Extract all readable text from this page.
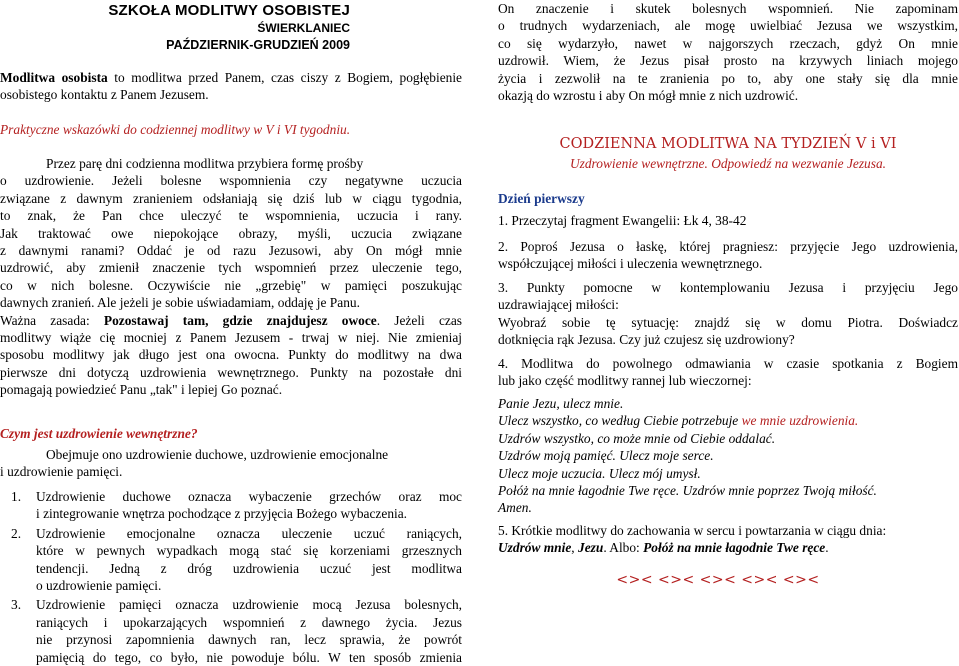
SZKOŁA MODLITWY OSOBISTEJ
ŚWIERKLANIEC
PAŹDZIERNIK-GRUDZIEŃ 2009

Modlitwa osobista to modlitwa przed Panem, czas ciszy z Bogiem, pogłębienie osobistego kontaktu z Panem Jezusem.

Praktyczne wskazówki do codziennej modlitwy w V i VI tygodniu.

Przez parę dni codzienna modlitwa przybiera formę prośby
o uzdrowienie. Jeżeli bolesne wspomnienia czy negatywne uczucia
związane z dawnym zranieniem odsłaniają się dziś lub w ciągu tygodnia,
to znak, że Pan chce uleczyć te wspomnienia, uczucia i rany.
Jak traktować owe niepokojące obrazy, myśli, uczucia związane
z dawnymi ranami? Oddać je od razu Jezusowi, aby On mógł mnie
uzdrowić, aby zmienił znaczenie tych wspomnień przez uleczenie tego,
co w nich bolesne. Oczywiście nie „grzebię" w pamięci poszukując
dawnych zranień. Ale jeżeli je sobie uświadamiam, oddaję je Panu.
Ważna zasada: Pozostawaj tam, gdzie znajdujesz owoce. Jeżeli czas
modlitwy wiąże cię mocniej z Panem Jezusem - trwaj w niej. Nie zmieniaj
sposobu modlitwy jak długo jest ona owocna. Punkty do modlitwy na dwa
pierwsze dni dotyczą uzdrowienia wewnętrznego. Punkty na pozostałe dni
pomagają powiedzieć Panu „tak" i lepiej Go poznać.

Czym jest uzdrowienie wewnętrzne?

Obejmuje ono uzdrowienie duchowe, uzdrowienie emocjonalne
i uzdrowienie pamięci.
1. Uzdrowienie duchowe oznacza wybaczenie grzechów oraz moc
i zintegrowanie wnętrza pochodzące z przyjęcia Bożego wybaczenia.
2. Uzdrowienie emocjonalne oznacza uleczenie uczuć raniących,
które w pewnych wypadkach mogą stać się korzeniami grzesznych
tendencji. Jedną z dróg uzdrowienia uczuć jest modlitwa
o uzdrowienie pamięci.
3. Uzdrowienie pamięci oznacza uzdrowienie mocą Jezusa bolesnych,
raniących i upokarzających wspomnień z dawnego życia. Jezus
nie przynosi zapomnienia dawnych ran, lecz sprawia, że powrót
pamięcią do tego, co było, nie powoduje bólu. W ten sposób zmienia
On znaczenie i skutek bolesnych wspomnień. Nie zapominam
o trudnych wydarzeniach, ale mogę uwielbiać Jezusa we wszystkim,
co się wydarzyło, nawet w najgorszych rzeczach, gdyż On mnie
uzdrowił. Wiem, że Jezus pisał prosto na krzywych liniach mojego
życia i zezwolił na te zranienia po to, aby one stały się dla mnie
okazją do wzrostu i aby On mógł mnie z nich uzdrowić.
CODZIENNA MODLITWA NA TYDZIEŃ V i VI
Uzdrowienie wewnętrzne. Odpowiedź na wezwanie Jezusa.
Dzień pierwszy
1. Przeczytaj fragment Ewangelii: Łk 4, 38-42
2. Poproś Jezusa o łaskę, której pragniesz: przyjęcie Jego uzdrowienia,
współczującej miłości i uleczenia wewnętrznego.
3. Punkty pomocne w kontemplowaniu Jezusa i przyjęciu Jego
uzdrawiającej miłości:
Wyobraź sobie tę sytuację: znajdź się w domu Piotra. Doświadcz
dotknięcia rąk Jezusa. Czy już czujesz się uzdrowiony?
4. Modlitwa do powolnego odmawiania w czasie spotkania z Bogiem
lub jako część modlitwy rannej lub wieczornej:
Panie Jezu, ulecz mnie.
Ulecz wszystko, co według Ciebie potrzebuje we mnie uzdrowienia.
Uzdrów wszystko, co może mnie od Ciebie oddalać.
Uzdrów moją pamięć. Ulecz moje serce.
Ulecz moje uczucia. Ulecz mój umysł.
Połóż na mnie łagodnie Twe ręce. Uzdrów mnie poprzez Twoją miłość.
Amen.
5. Krótkie modlitwy do zachowania w sercu i powtarzania w ciągu dnia:
Uzdrów mnie, Jezu. Albo: Połóż na mnie łagodnie Twe ręce.
<>< <>< <>< <>< <><
